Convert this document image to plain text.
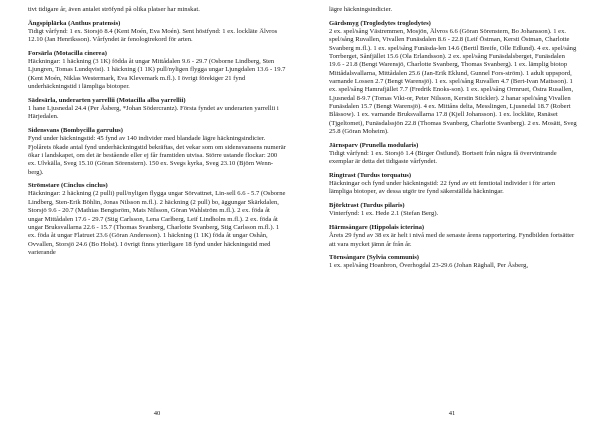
tivt tidigare år, även antalet ströfynd på olika platser har minskat.

Ängspiplärka (Anthus pratensis)

Tidigt vårfynd: 1 ex. Storsjö 8.4 (Kent Moén, Eva Moén). Sent höstfynd: 1 ex. lockläte Älvros 12.10 (Jan Henriksson). Vårfyndet är fenologirekord för arten.

Forsärla (Motacilla cinerea)

Häckningar: 1 häckning (3 1K) födda åt ungar Mittådalen 9.6 - 29.7 (Osborne Lindberg, Sten Ljungren, Tomas Lundqvist). 1 häckning (1 1K) pull/nyligen flygga ungar Ljungdalen 13.6 - 19.7 (Kent Moén, Niklas Westermark, Eva Klevemark m.fl.). I övrigt förekiger 21 fynd underhäckningstid i lämpliga biotoper.

Sädesärla, underarten yarrellii (Motacilla alba yarrellii)

1 hane Ljusnedal 24.4 (Per Åsberg, *Johan Södercrantz). Första fyndet av underarten yarrellii i Härjedalen.

Sidensvans (Bombycilla garrulus)

Fynd under häckningstid: 45 fynd av 140 individer med blandade lägre häckningsindicier. Fjolårets ökade antal fynd underhäckningstid bekräftas, det vekar som om sidensvansens numerär ökar i landskapet, om det är bestående eller ej får framtiden utvisa. Större ustande flockar: 200 ex. Ulvkälla, Sveg 15.10 (Göran Sörenstern). 150 ex. Svegs kyrka, Sveg 23.10 (Björn Wenn-berg).

Strömstare (Cinclus cinclus)

Häckningar: 2 häckning (2 pulli) pull/nyligen flygga ungar Sörvattnet, Lin-sell 6.6 - 5.7 (Osborne Lindberg, Sten-Erik Böhlin, Jonas Nilsson m.fl.). 2 häckning (2 pull) bo, äggungar Skärkdalen, Storsjö 9.6 - 20.7 (Mathias Bengtsröm, Mats Nilsson, Göran Wahlström m.fl.). 2 ex. föda åt ungar Mittådalen 17.6 - 29.7 (Stig Carlsson, Lena Carlberg, Leif Lindholm m.fl.). 2 ex. föda åt ungar Bruksvallarna 22.6 - 15.7 (Thomas Svanberg, Charlotte Svanberg, Stig Carlsson m.fl.). 1 ex. föda åt ungar Flatruet 23.6 (Göran Andersson). 1 häckning (1 1K) föda åt ungar Oshån, Ovvallen, Storsjö 24.6 (Bo Holst). I övrigt finns ytterligare 18 fynd under häckningstid med varierande

40

lägre häckningsindicier.

Gärdsmyg (Troglodytes troglodytes)

2 ex. spel/sång Västremmen, Mosjön, Älvros 6.6 (Göran Sörenstern, Bo Johansson). 1 ex. spel/sång Ruvallen, Vivallen Funäsdalen 8.6 - 22.8 (Leif Östman, Kersti Östman, Charlotte Svanberg m.fl.). 1 ex. spel/sång Funäsda-len 14.6 (Bertil Breife, Olle Edlund). 4 ex. spel/sång Torrberget, Sånfjället 15.6 (Ola Erlandsson). 2 ex. spel/sång Funäsdalsberget, Funäsdalen 19.6 - 21.8 (Bengt Warensjö, Charlotte Svanberg, Thomas Svanberg). 1 ex. lämplig biotop Mittådalsvallarna, Mittådalen 25.6 (Jan-Erik Eklund, Gunnel Fors-ström). 1 adult uppspord, varnande Lossen 2.7 (Bengt Warensjö). 1 ex. spel/sång Ruvallen 4.7 (Bert-Ivan Mattsson). 1 ex. spel/sång Hamrafjället 7.7 (Fredrik Enoks-son). 1 ex. spel/sång Ormruet, Östra Rusallen, Ljusnedal 8-9.7 (Tomas Vikt-or, Peter Nilsson, Kerstin Stickler). 2 hanar spel/sång Vivallen Funäsdalen 15.7 (Bengt Warensjö). 4 ex. Mittåns delta, Messlingen, Ljusnedal 18.7 (Robert Blässow). 1 ex. varnande Bruksvallarna 17.8 (Kjell Johansson). 1 ex. lockläte, Rsnäset (Tjgeltomet), Funäsdalssjön 22.8 (Thomas Svanberg, Charlotte Svanberg). 2 ex. Mosätt, Sveg 25.8 (Göran Moheim).

Järnsparv (Prunella modularis)

Tidigt vårfynd: 1 ex. Storsjö 1.4 (Birger Östlund). Bortsett från några få övervintrande exemplar är detta det tidigaste vårfyndet.

Ringtrast (Turdus torquatus)

Häckningar och fynd under häckningstid: 22 fynd av ett femtiotal individer i för arten lämpliga biotoper, av dessa utgör tre fynd säkerställda häckningar.

Björktrast (Turdus pilaris)

Vinterfynd: 1 ex. Hede 2.1 (Stefan Berg).

Härmsångare (Hippolais icterina)

Årets 29 fynd av 38 ex är helt i nivå med de senaste årens rapportering. Fyndbilden fortsätter att vara mycket jämn år från år.

Törnsångare (Sylvia communis)

1 ex. spel/sång Hoanbron, Överhogdal 23-29.6 (Johan Räghall, Per Åsberg,

41
